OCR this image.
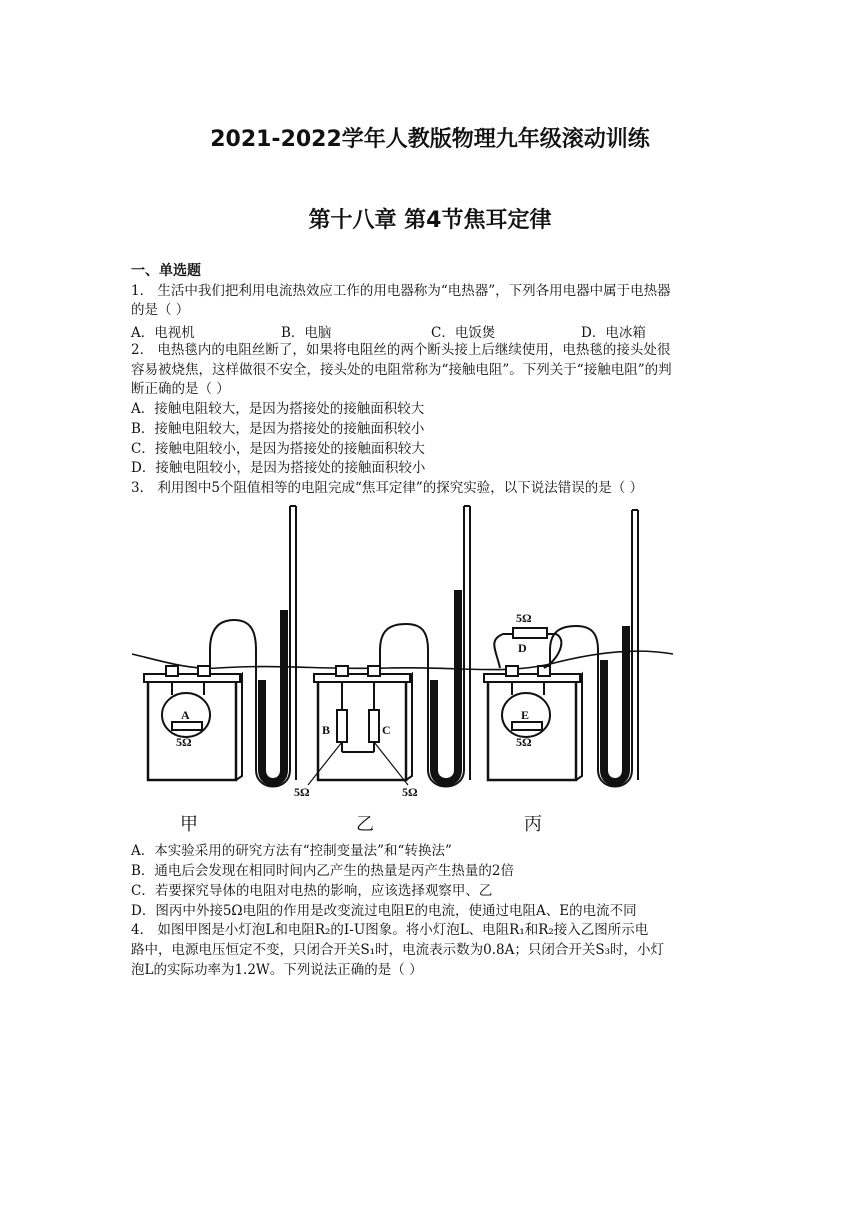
2021-2022学年人教版物理九年级滚动训练
第十八章 第4节焦耳定律
一、单选题
1． 生活中我们把利用电流热效应工作的用电器称为“电热器”，下列各用电器中属于电热器
的是（ ）
A．电视机	B．电脑	C．电饭煲	D．电冰箱
2． 电热毯内的电阻丝断了，如果将电阻丝的两个断头接上后继续使用，电热毯的接头处很
容易被烧焦，这样做很不安全，接头处的电阻常称为“接触电阻”。下列关于“接触电阻”的判
断正确的是（ ）
A．接触电阻较大，是因为搭接处的接触面积较大
B．接触电阻较大，是因为搭接处的接触面积较小
C．接触电阻较小，是因为搭接处的接触面积较大
D．接触电阻较小，是因为搭接处的接触面积较小
3． 利用图中5个阻值相等的电阻完成“焦耳定律”的探究实验，以下说法错误的是（ ）
A
5Ω
B	C
5Ω	5Ω
5Ω
D
E
5Ω
甲	乙	丙
A．本实验采用的研究方法有“控制变量法”和“转换法”
B．通电后会发现在相同时间内乙产生的热量是丙产生热量的2倍
C．若要探究导体的电阻对电热的影响，应该选择观察甲、乙
D．图丙中外接5Ω电阻的作用是改变流过电阻E的电流，使通过电阻A、E的电流不同
4． 如图甲图是小灯泡L和电阻R₂的I-U图象。将小灯泡L、电阻R₁和R₂接入乙图所示电
路中，电源电压恒定不变，只闭合开关S₁时，电流表示数为0.8A；只闭合开关S₃时，小灯
泡L的实际功率为1.2W。下列说法正确的是（ ）
